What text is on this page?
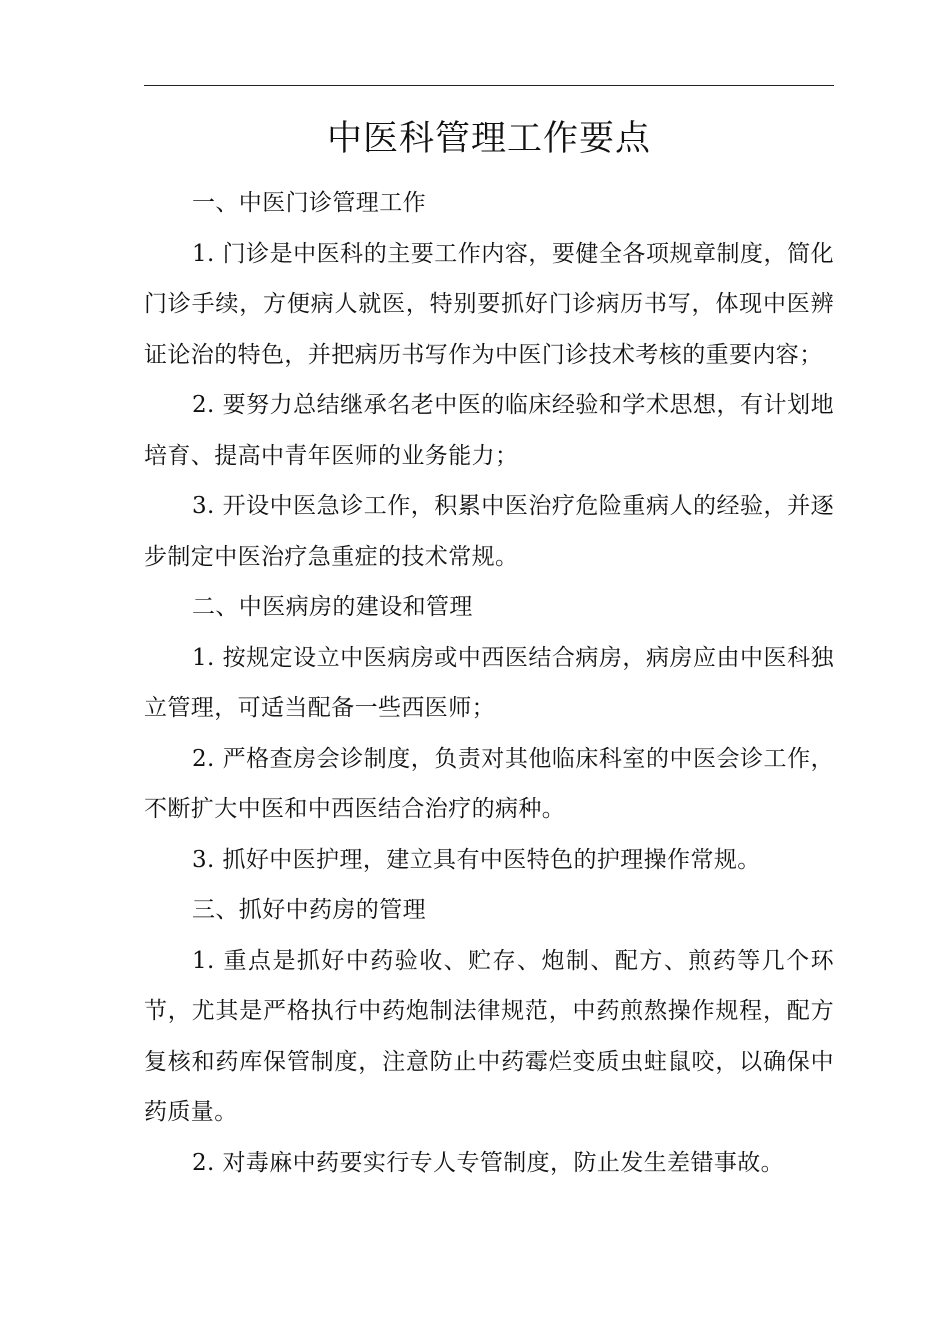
中医科管理工作要点

一、中医门诊管理工作

1. 门诊是中医科的主要工作内容，要健全各项规章制度，简化门诊手续，方便病人就医，特别要抓好门诊病历书写，体现中医辨证论治的特色，并把病历书写作为中医门诊技术考核的重要内容；

2. 要努力总结继承名老中医的临床经验和学术思想，有计划地培育、提高中青年医师的业务能力；

3. 开设中医急诊工作，积累中医治疗危险重病人的经验，并逐步制定中医治疗急重症的技术常规。

二、中医病房的建设和管理

1. 按规定设立中医病房或中西医结合病房，病房应由中医科独立管理，可适当配备一些西医师；

2. 严格查房会诊制度，负责对其他临床科室的中医会诊工作，不断扩大中医和中西医结合治疗的病种。

3. 抓好中医护理，建立具有中医特色的护理操作常规。

三、抓好中药房的管理

1. 重点是抓好中药验收、贮存、炮制、配方、煎药等几个环节，尤其是严格执行中药炮制法律规范，中药煎熬操作规程，配方复核和药库保管制度，注意防止中药霉烂变质虫蛀鼠咬，以确保中药质量。

2. 对毒麻中药要实行专人专管制度，防止发生差错事故。
